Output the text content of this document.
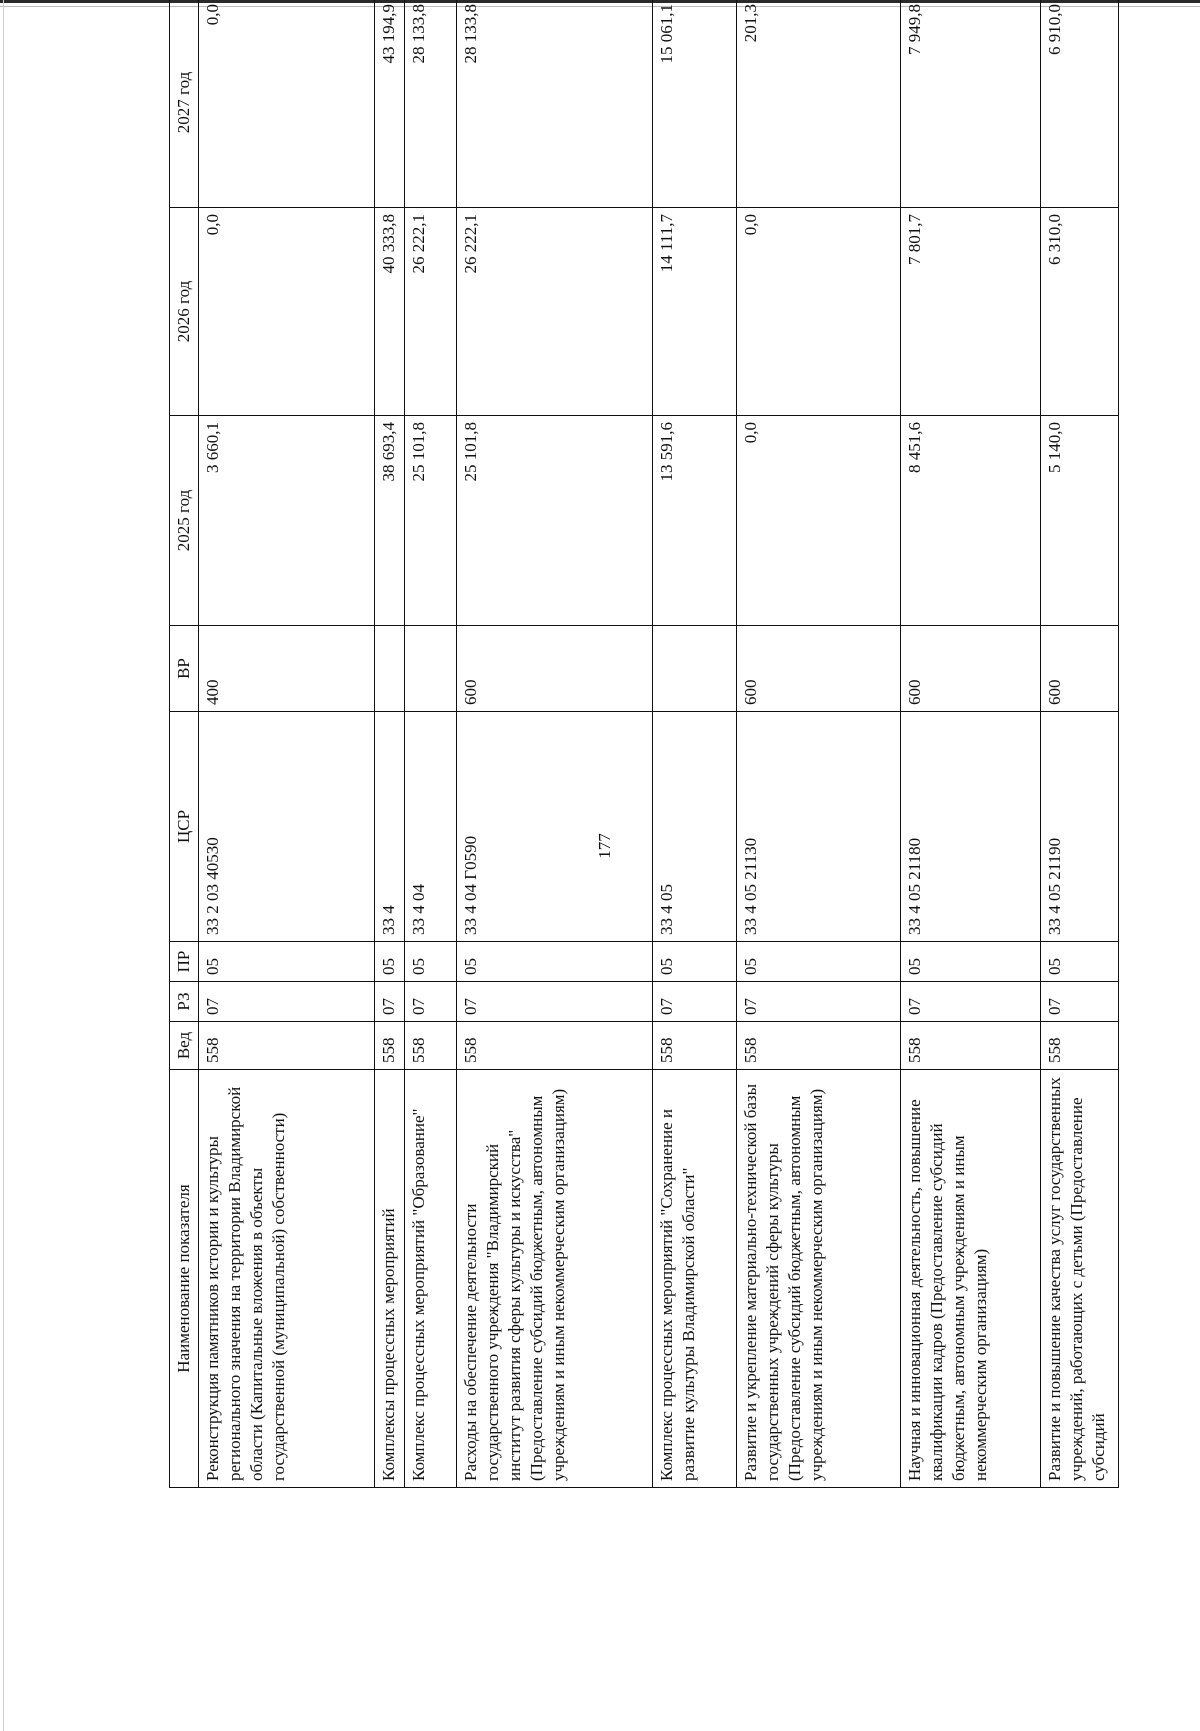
177
Наименование показателя	Вед	РЗ	ПР	ЦСР	ВР	2025 год	2026 год	2027 год
Реконструкция памятников истории и культуры регионального значения на территории Владимирской области (Капитальные вложения в объекты государственной (муниципальной) собственности)	558	07	05	33 2 03 40530	400	3 660,1	0,0	0,0
Комплексы процессных мероприятий	558	07	05	33 4		38 693,4	40 333,8	43 194,9
Комплекс процессных мероприятий "Образование"	558	07	05	33 4 04		25 101,8	26 222,1	28 133,8
Расходы на обеспечение деятельности государственного учреждения "Владимирский институт развития сферы культуры и искусства" (Предоставление субсидий бюджетным, автономным учреждениям и иным некоммерческим организациям)	558	07	05	33 4 04 Г0590	600	25 101,8	26 222,1	28 133,8
Комплекс процессных мероприятий "Сохранение и развитие культуры Владимирской области"	558	07	05	33 4 05		13 591,6	14 111,7	15 061,1
Развитие и укрепление материально-технической базы государственных учреждений сферы культуры (Предоставление субсидий бюджетным, автономным учреждениям и иным некоммерческим организациям)	558	07	05	33 4 05 21130	600	0,0	0,0	201,3
Научная и инновационная деятельность, повышение квалификации кадров (Предоставление субсидий бюджетным, автономным учреждениям и иным некоммерческим организациям)	558	07	05	33 4 05 21180	600	8 451,6	7 801,7	7 949,8
Развитие и повышение качества услуг государственных учреждений, работающих с детьми (Предоставление субсидий	558	07	05	33 4 05 21190	600	5 140,0	6 310,0	6 910,0
